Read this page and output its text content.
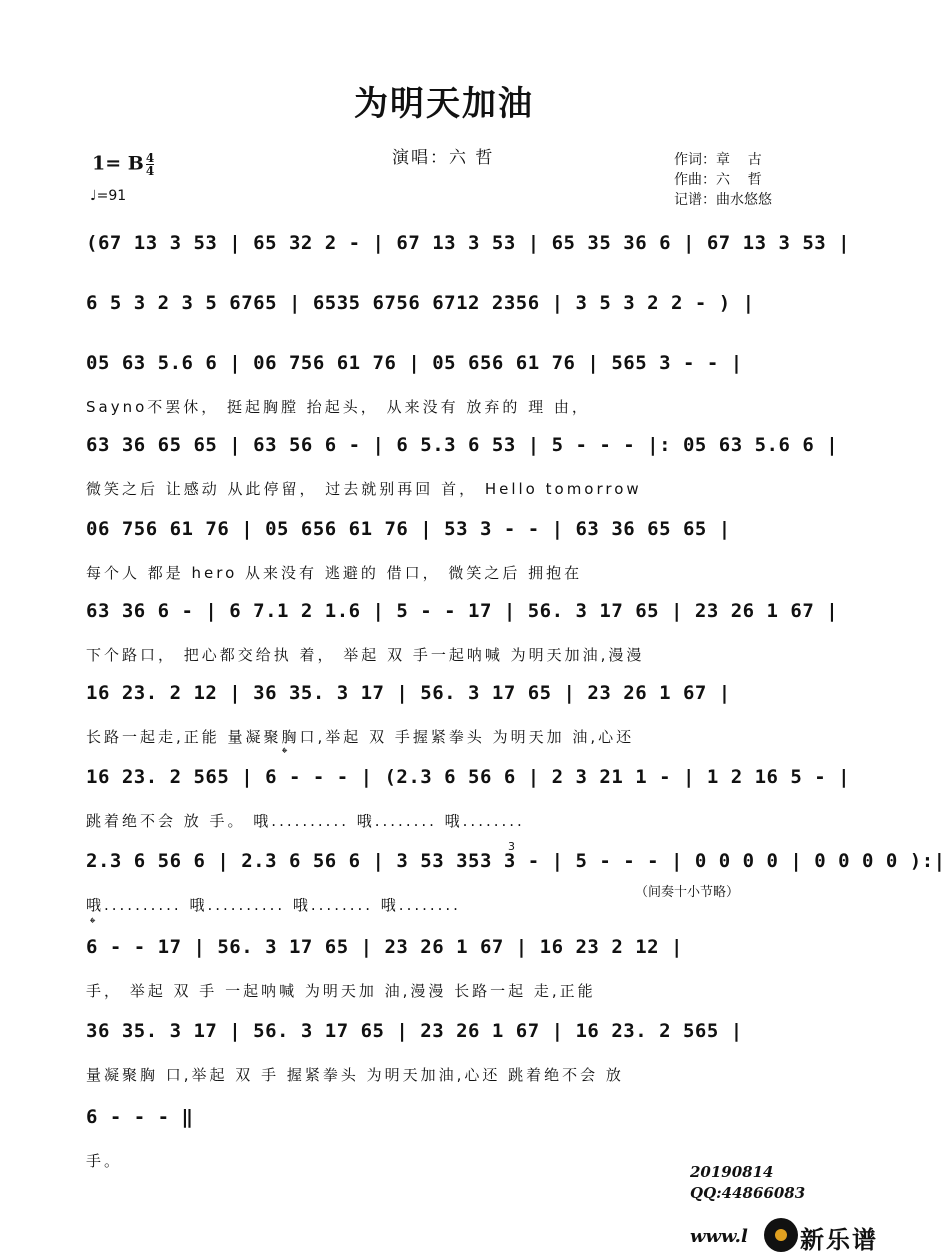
为明天加油
演唱：六 哲	作词：章    古
作曲：六    哲
记谱：曲水悠悠
1= B $\frac{4}{4}$
♩=91
(67 13 3 53 | 65 32 2 - | 67 13 3 53 | 65 35 36 6 | 67 13 3 53 |
6 5 3 2 3 5 6765 | 6535 6756 6712 2356 | 3 5 3 2 2 - ) |
05 63 5.6 6 | 06 756 61 76 | 05 656 61 76 | 565 3 - - |
Sayno不罢休， 挺起胸膛 抬起头， 从来没有 放弃的 理 由，
63 36 65 65 | 63 56 6 - | 6 5.3 6 53 | 5 - - - |: 05 63 5.6 6 |
微笑之后 让感动 从此停留， 过去就别再回 首， Hello tomorrow
06 756 61 76 | 05 656 61 76 | 53 3 - - | 63 36 65 65 |
每个人 都是 hero 从来没有 逃避的 借口， 微笑之后 拥抱在
63 36 6 - | 6 7.1 2 1.6 | 5 - - 17 | 56. 3 17 65 | 23 26 1 67 |
下个路口， 把心都交给执 着， 举起 双 手一起呐喊 为明天加油,漫漫
16 23. 2 12 | 36 35. 3 17 | 56. 3 17 65 | 23 26 1 67 |
长路一起走,正能 量凝聚胸口,举起 双 手握紧拳头 为明天加 油,心还
𝄌
16 23. 2 565 | 6 - - - | (2.3 6 56 6 | 2 3 21 1 - | 1 2 16 5 - |
跳着绝不会 放 手。 哦.......... 哦........ 哦........
3
2.3 6 56 6 | 2.3 6 56 6 | 3 53 353 3 - | 5 - - - | 0 0 0 0 | 0 0 0 0 ):|
哦.......... 哦.......... 哦........ 哦........
（间奏十小节略）
𝄌
6 - - 17 | 56. 3 17 65 | 23 26 1 67 | 16 23 2 12 |
手， 举起 双 手 一起呐喊 为明天加 油,漫漫 长路一起 走,正能
36 35. 3 17 | 56. 3 17 65 | 23 26 1 67 | 16 23. 2 565 |
量凝聚胸 口,举起 双 手 握紧拳头 为明天加油,心还 跳着绝不会 放
6 - - - ‖
手。
20190814
QQ:44866083
www.l 新乐谱
